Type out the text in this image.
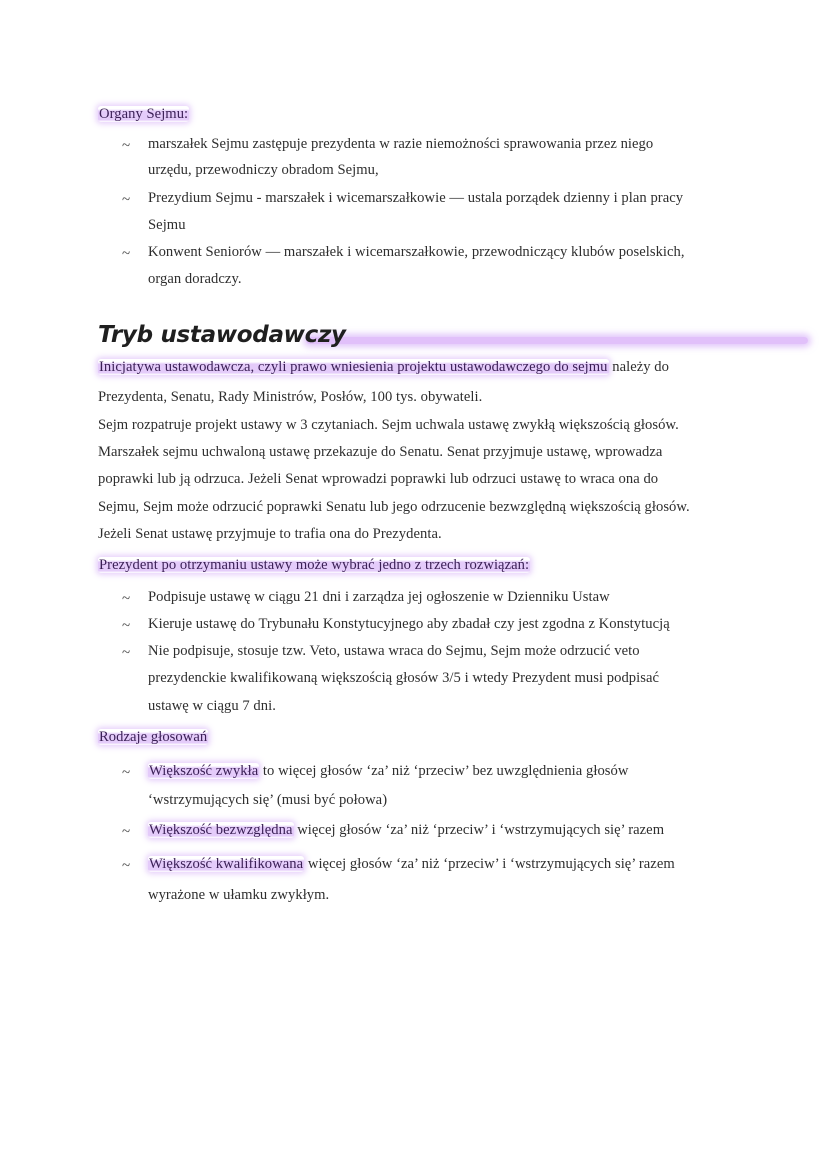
Organy Sejmu:
~ marszałek Sejmu zastępuje prezydenta w razie niemożności sprawowania przez niego
urzędu, przewodniczy obradom Sejmu,
~ Prezydium Sejmu - marszałek i wicemarszałkowie — ustala porządek dzienny i plan pracy
Sejmu
~ Konwent Seniorów — marszałek i wicemarszałkowie, przewodniczący klubów poselskich,
organ doradczy.
Tryb ustawodawczy
Inicjatywa ustawodawcza, czyli prawo wniesienia projektu ustawodawczego do sejmu należy do
Prezydenta, Senatu, Rady Ministrów, Posłów, 100 tys. obywateli.
Sejm rozpatruje projekt ustawy w 3 czytaniach. Sejm uchwala ustawę zwykłą większością głosów.
Marszałek sejmu uchwaloną ustawę przekazuje do Senatu. Senat przyjmuje ustawę, wprowadza
poprawki lub ją odrzuca. Jeżeli Senat wprowadzi poprawki lub odrzuci ustawę to wraca ona do
Sejmu, Sejm może odrzucić poprawki Senatu lub jego odrzucenie bezwzględną większością głosów.
Jeżeli Senat ustawę przyjmuje to trafia ona do Prezydenta.
Prezydent po otrzymaniu ustawy może wybrać jedno z trzech rozwiązań:
~ Podpisuje ustawę w ciągu 21 dni i zarządza jej ogłoszenie w Dzienniku Ustaw
~ Kieruje ustawę do Trybunału Konstytucyjnego aby zbadał czy jest zgodna z Konstytucją
~ Nie podpisuje, stosuje tzw. Veto, ustawa wraca do Sejmu, Sejm może odrzucić veto
prezydenckie kwalifikowaną większością głosów 3/5 i wtedy Prezydent musi podpisać
ustawę w ciągu 7 dni.
Rodzaje głosowań
~ Większość zwykła to więcej głosów ‘za’ niż ‘przeciw’ bez uwzględnienia głosów
‘wstrzymujących się’ (musi być połowa)
~ Większość bezwzględna więcej głosów ‘za’ niż ‘przeciw’ i ‘wstrzymujących się’ razem
~ Większość kwalifikowana więcej głosów ‘za’ niż ‘przeciw’ i ‘wstrzymujących się’ razem
wyrażone w ułamku zwykłym.
